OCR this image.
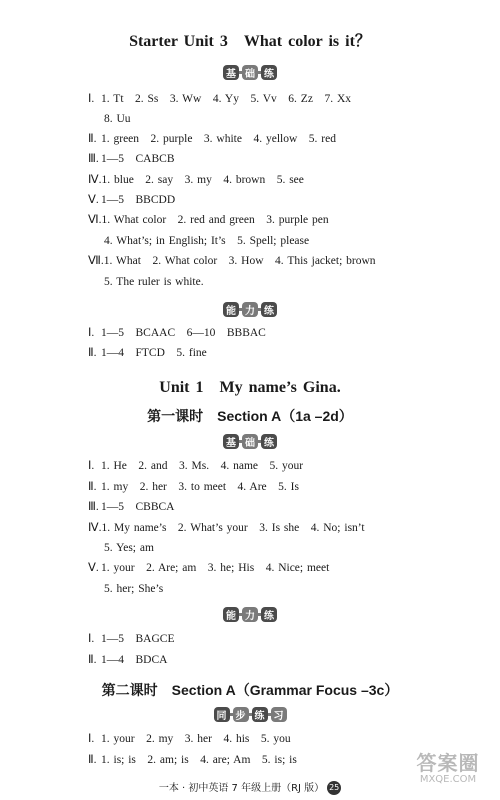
Starter Unit 3　What color is it？
基 础 练
Ⅰ. 1. Tt　2. Ss　3. Ww　4. Yy　5. Vv　6. Zz　7. Xx
8. Uu
Ⅱ. 1. green　2. purple　3. white　4. yellow　5. red
Ⅲ. 1—5　CABCB
Ⅳ.1. blue　2. say　3. my　4. brown　5. see
Ⅴ. 1—5　BBCDD
Ⅵ.1. What color　2. red and green　3. purple pen
4. What’s; in English; It’s　5. Spell; please
Ⅶ.1. What　2. What color　3. How　4. This jacket; brown
5. The ruler is white.
能 力 练
Ⅰ. 1—5　BCAAC　6—10　BBBAC
Ⅱ. 1—4　FTCD　5. fine
Unit 1　My name’s Gina.
第一课时　Section A（1a –2d）
基 础 练
Ⅰ. 1. He　2. and　3. Ms.　4. name　5. your
Ⅱ. 1. my　2. her　3. to meet　4. Are　5. Is
Ⅲ. 1—5　CBBCA
Ⅳ.1. My name’s　2. What’s your　3. Is she　4. No; isn’t
5. Yes; am
Ⅴ. 1. your　2. Are; am　3. he; His　4. Nice; meet
5. her; She’s
能 力 练
Ⅰ. 1—5　BAGCE
Ⅱ. 1—4　BDCA
第二课时　Section A（Grammar Focus –3c）
同 步 练 习
Ⅰ. 1. your　2. my　3. her　4. his　5. you
Ⅱ. 1. is; is　2. am; is　4. are; Am　5. is; is
一本 · 初中英语 7 年级上册（RJ 版） 25
答案圈
MXQE.COM
